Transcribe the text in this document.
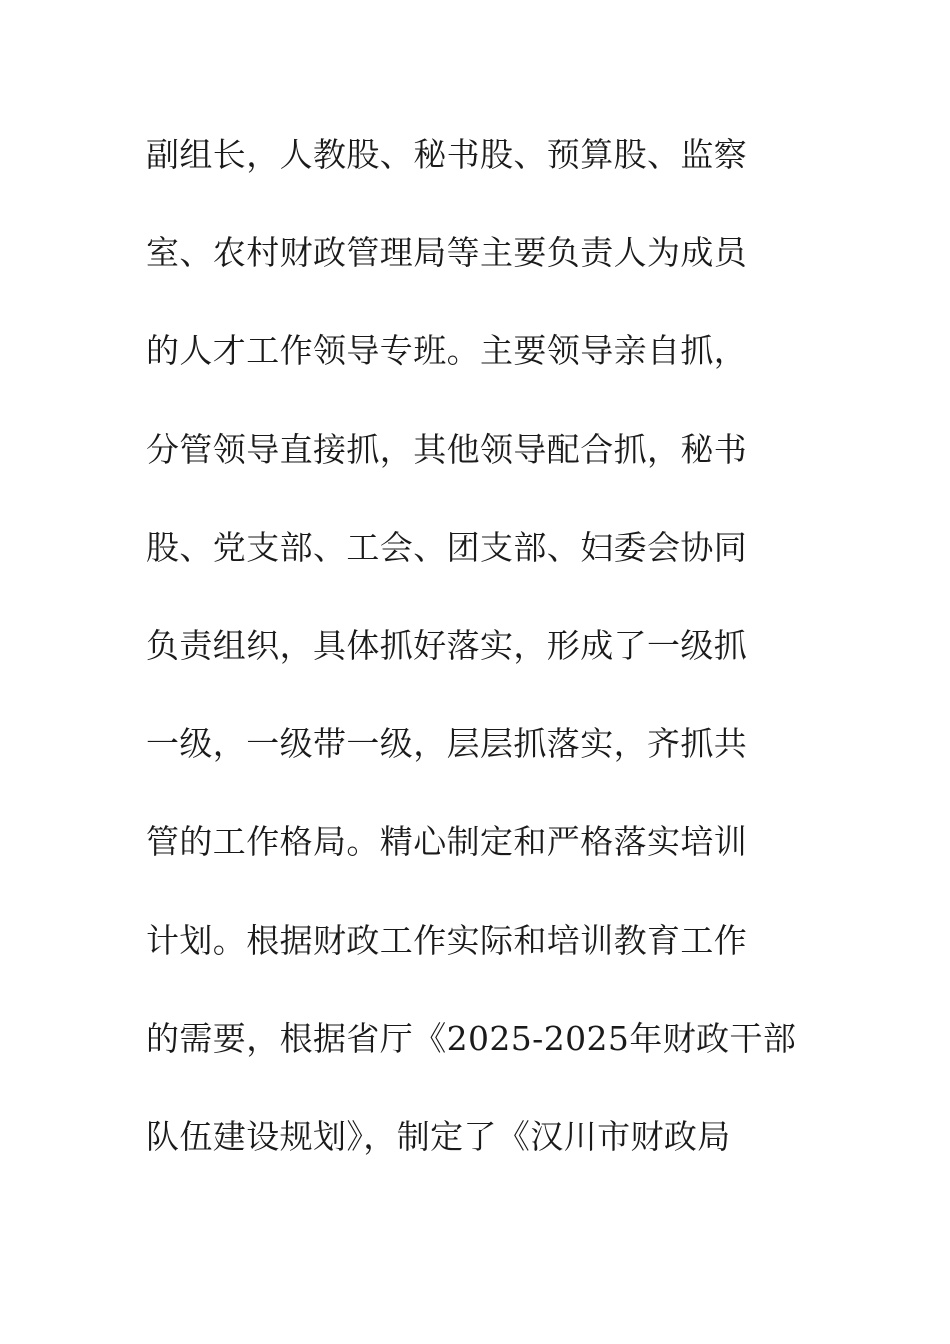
副组长，人教股、秘书股、预算股、监察
室、农村财政管理局等主要负责人为成员
的人才工作领导专班。主要领导亲自抓，
分管领导直接抓，其他领导配合抓，秘书
股、党支部、工会、团支部、妇委会协同
负责组织，具体抓好落实，形成了一级抓
一级，一级带一级，层层抓落实，齐抓共
管的工作格局。精心制定和严格落实培训
计划。根据财政工作实际和培训教育工作
的需要，根据省厅《2025-2025年财政干部
队伍建设规划》，制定了《汉川市财政局
